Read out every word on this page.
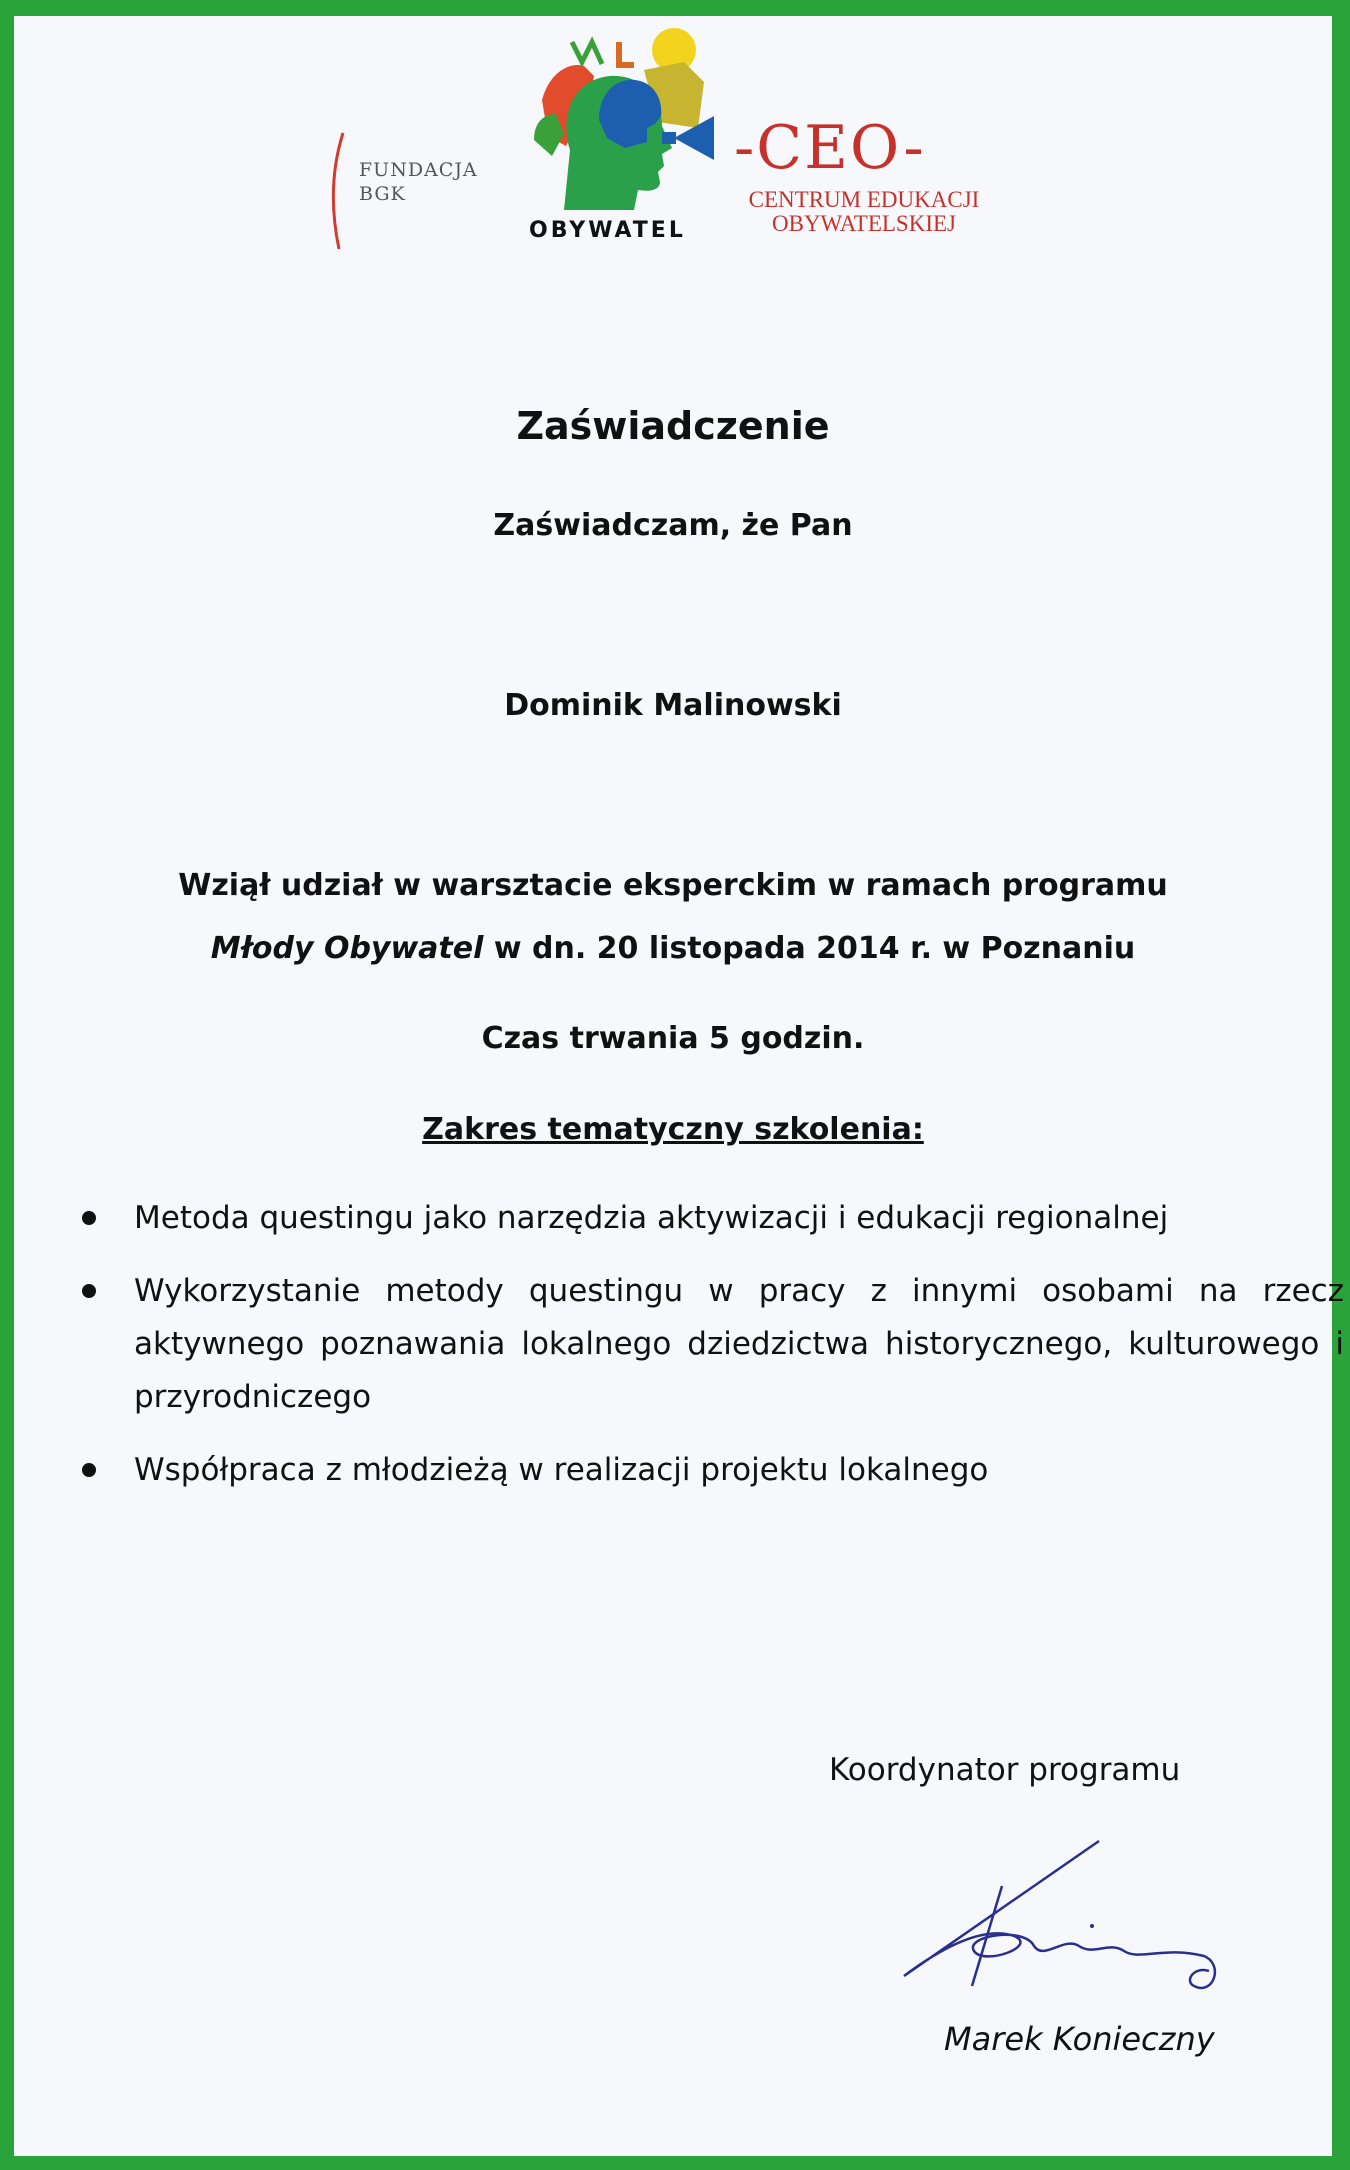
FUNDACJA
BGK
OBYWATEL
-CEO-
CENTRUM EDUKACJI
OBYWATELSKIEJ
Zaświadczenie
Zaświadczam, że Pan
Dominik Malinowski
Wziął udział w warsztacie eksperckim w ramach programu
Młody Obywatel w dn. 20 listopada 2014 r. w Poznaniu
Czas trwania 5 godzin.
Zakres tematyczny szkolenia:
Metoda questingu jako narzędzia aktywizacji i edukacji regionalnej
Wykorzystanie metody questingu w pracy z innymi osobami na rzecz aktywnego poznawania lokalnego dziedzictwa historycznego, kulturowego i przyrodniczego
Współpraca z młodzieżą w realizacji projektu lokalnego
Koordynator programu
Marek Konieczny
